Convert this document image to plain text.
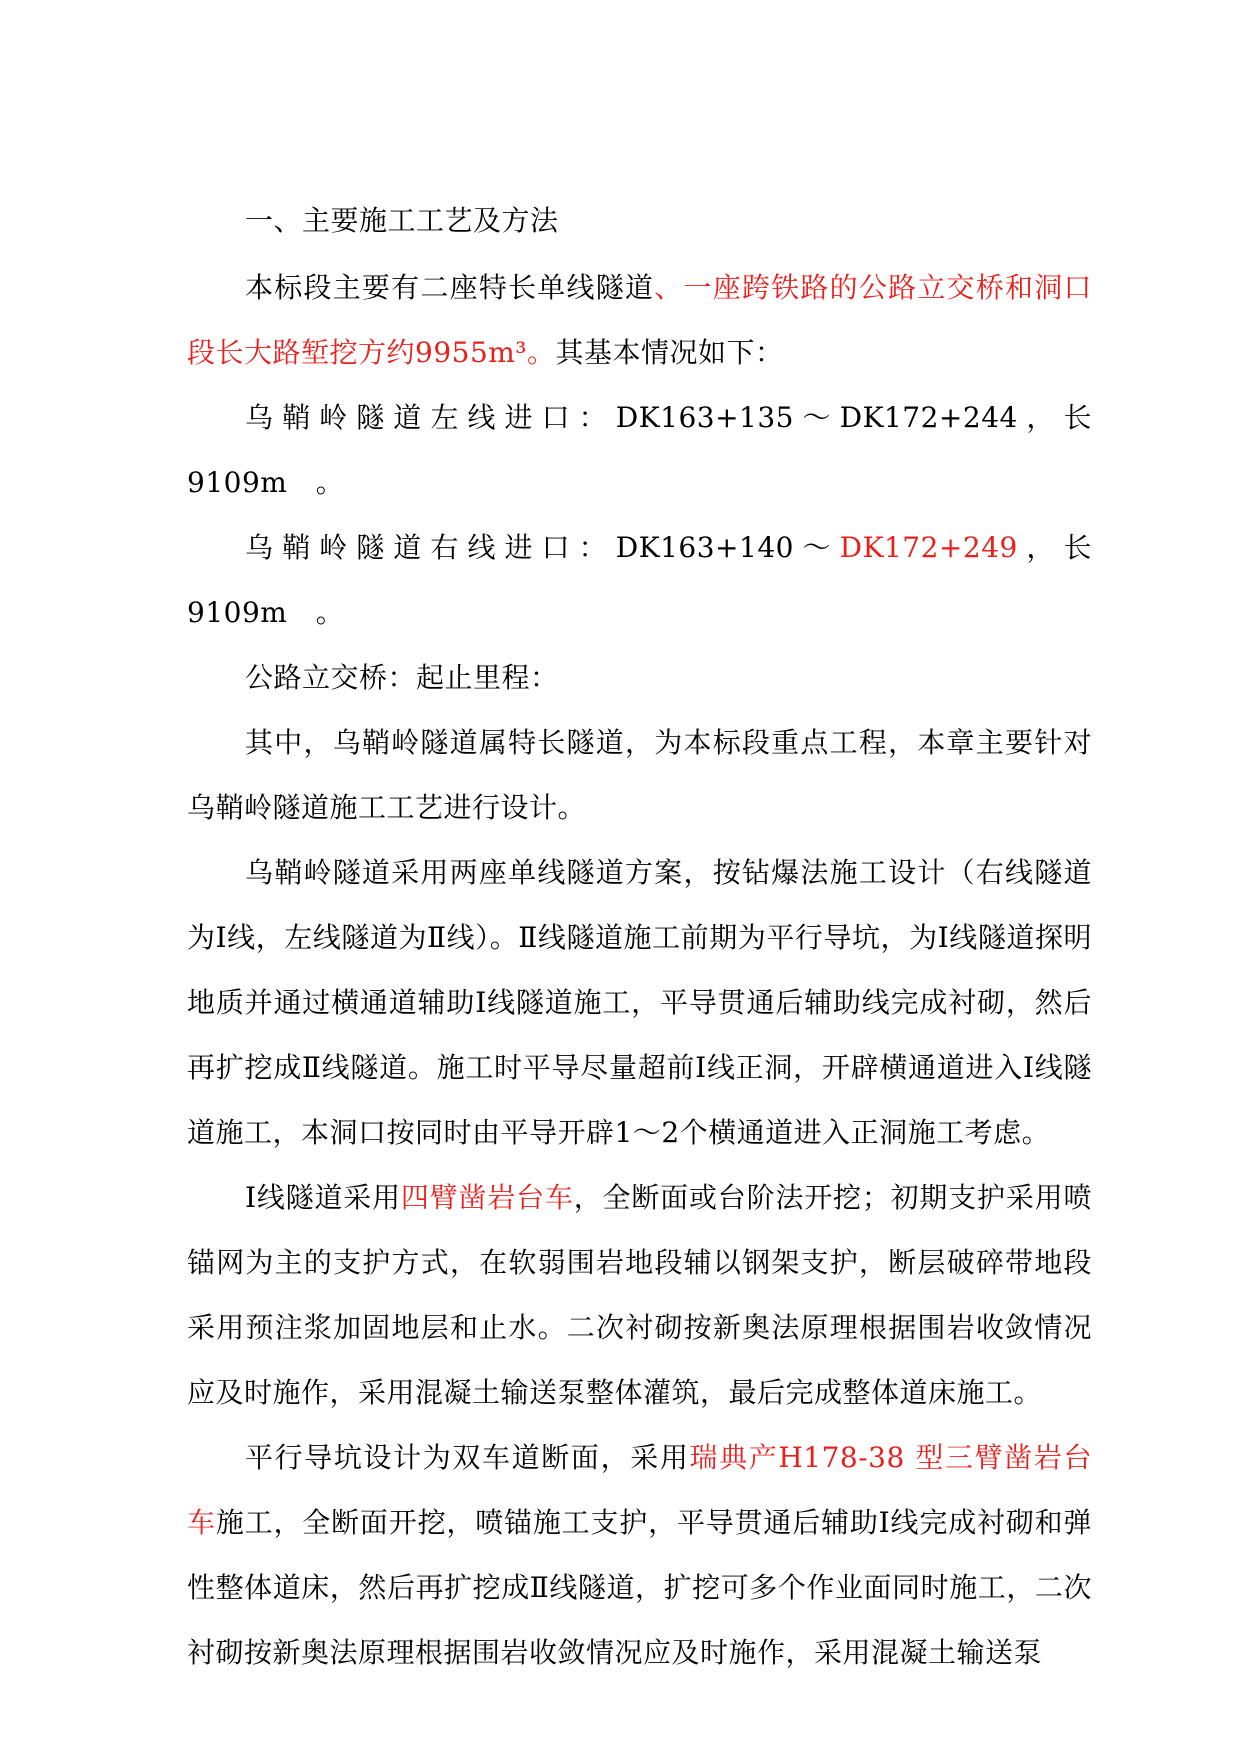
一、主要施工工艺及方法

本标段主要有二座特长单线隧道、一座跨铁路的公路立交桥和洞口段长大路堑挖方约9955m³。其基本情况如下：

乌鞘岭隧道左线进口：DK163+135～DK172+244，长9109m　。

乌鞘岭隧道右线进口：DK163+140～DK172+249，长9109m　。

公路立交桥：起止里程：

其中，乌鞘岭隧道属特长隧道，为本标段重点工程，本章主要针对乌鞘岭隧道施工工艺进行设计。

乌鞘岭隧道采用两座单线隧道方案，按钻爆法施工设计（右线隧道为Ⅰ线，左线隧道为Ⅱ线）。Ⅱ线隧道施工前期为平行导坑，为Ⅰ线隧道探明地质并通过横通道辅助Ⅰ线隧道施工，平导贯通后辅助线完成衬砌，然后再扩挖成Ⅱ线隧道。施工时平导尽量超前Ⅰ线正洞，开辟横通道进入Ⅰ线隧道施工，本洞口按同时由平导开辟1～2个横通道进入正洞施工考虑。

Ⅰ线隧道采用四臂凿岩台车，全断面或台阶法开挖；初期支护采用喷锚网为主的支护方式，在软弱围岩地段辅以钢架支护，断层破碎带地段采用预注浆加固地层和止水。二次衬砌按新奥法原理根据围岩收敛情况应及时施作，采用混凝土输送泵整体灌筑，最后完成整体道床施工。

平行导坑设计为双车道断面，采用瑞典产H178-38 型三臂凿岩台车施工，全断面开挖，喷锚施工支护，平导贯通后辅助Ⅰ线完成衬砌和弹性整体道床，然后再扩挖成Ⅱ线隧道，扩挖可多个作业面同时施工，二次衬砌按新奥法原理根据围岩收敛情况应及时施作，采用混凝土输送泵
